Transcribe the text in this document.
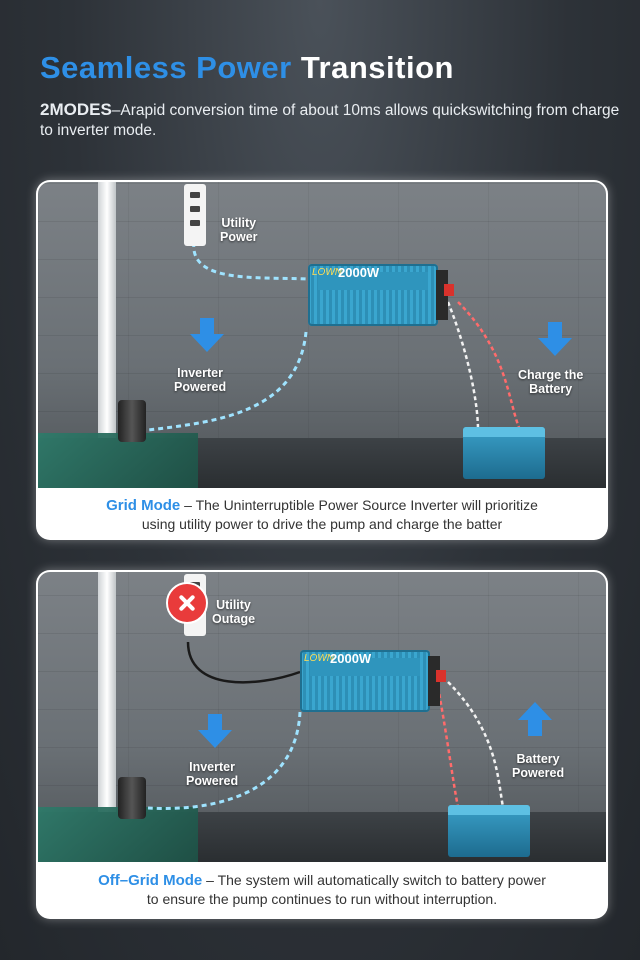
Seamless Power Transition
2MODES–Arapid conversion time of about 10ms allows quickswitching from charge to inverter mode.
Utility
Power
Inverter
Powered
LOWN
2000W
Charge the
Battery
Grid Mode – The Uninterruptible Power Source Inverter will prioritize
using utility power to drive the pump and charge the batter
Utility
Outage
Inverter
Powered
LOWN
2000W
Battery
Powered
Off–Grid Mode – The system will automatically switch to battery power
to ensure the pump continues to run without interruption.
